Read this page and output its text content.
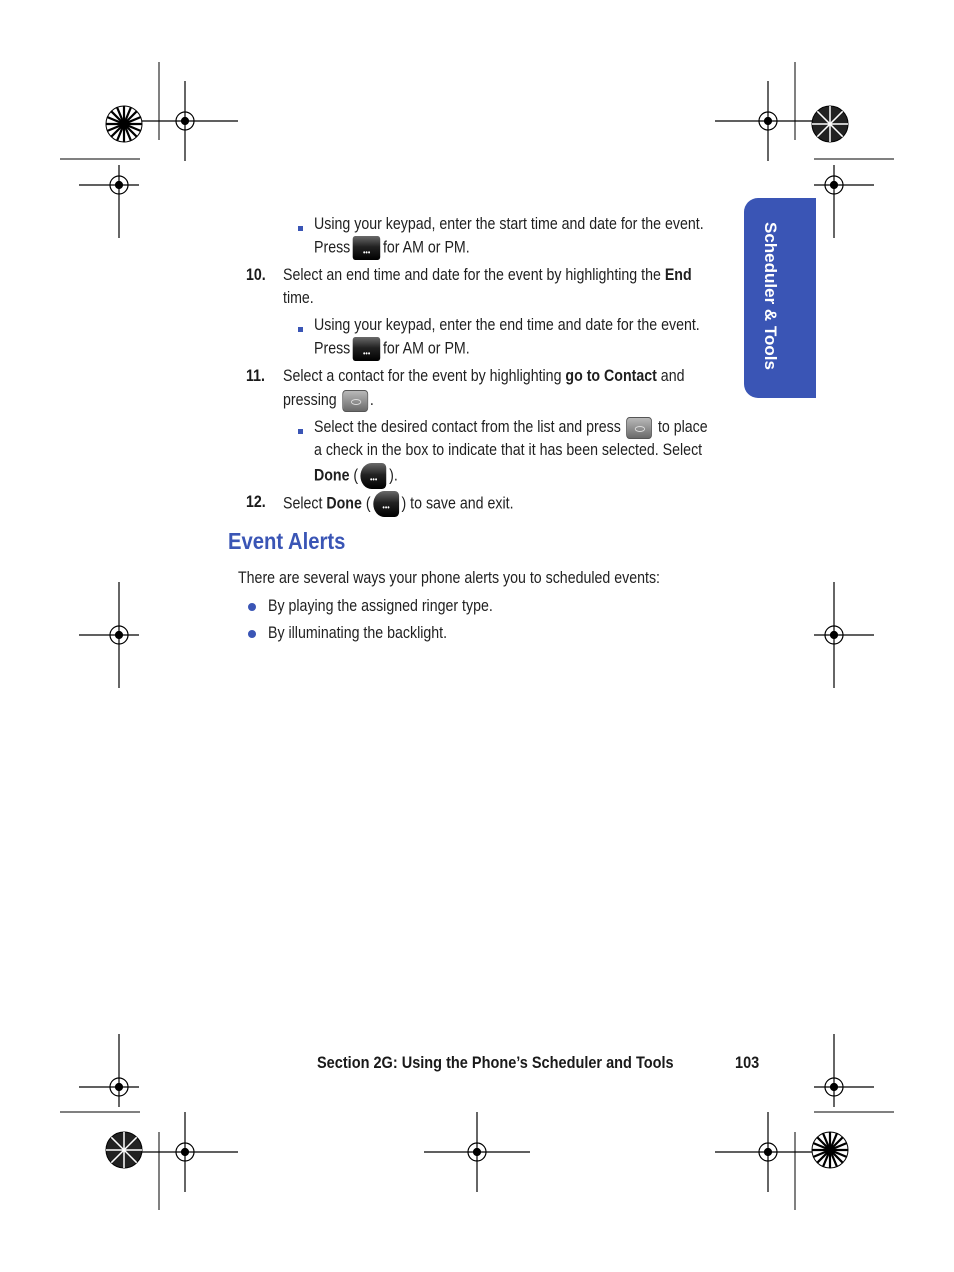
Scheduler & Tools
Using your keypad, enter the start time and date for the event.
Press ••• for AM or PM.
10. Select an end time and date for the event by highlighting the End
time.
Using your keypad, enter the end time and date for the event.
Press ••• for AM or PM.
11. Select a contact for the event by highlighting go to Contact and
pressing .
Select the desired contact from the list and press to place
a check in the box to indicate that it has been selected. Select
Done ( ••• ).
12. Select Done ( ••• ) to save and exit.
Event Alerts
There are several ways your phone alerts you to scheduled events:
By playing the assigned ringer type.
By illuminating the backlight.
Section 2G: Using the Phone’s Scheduler and Tools	103
